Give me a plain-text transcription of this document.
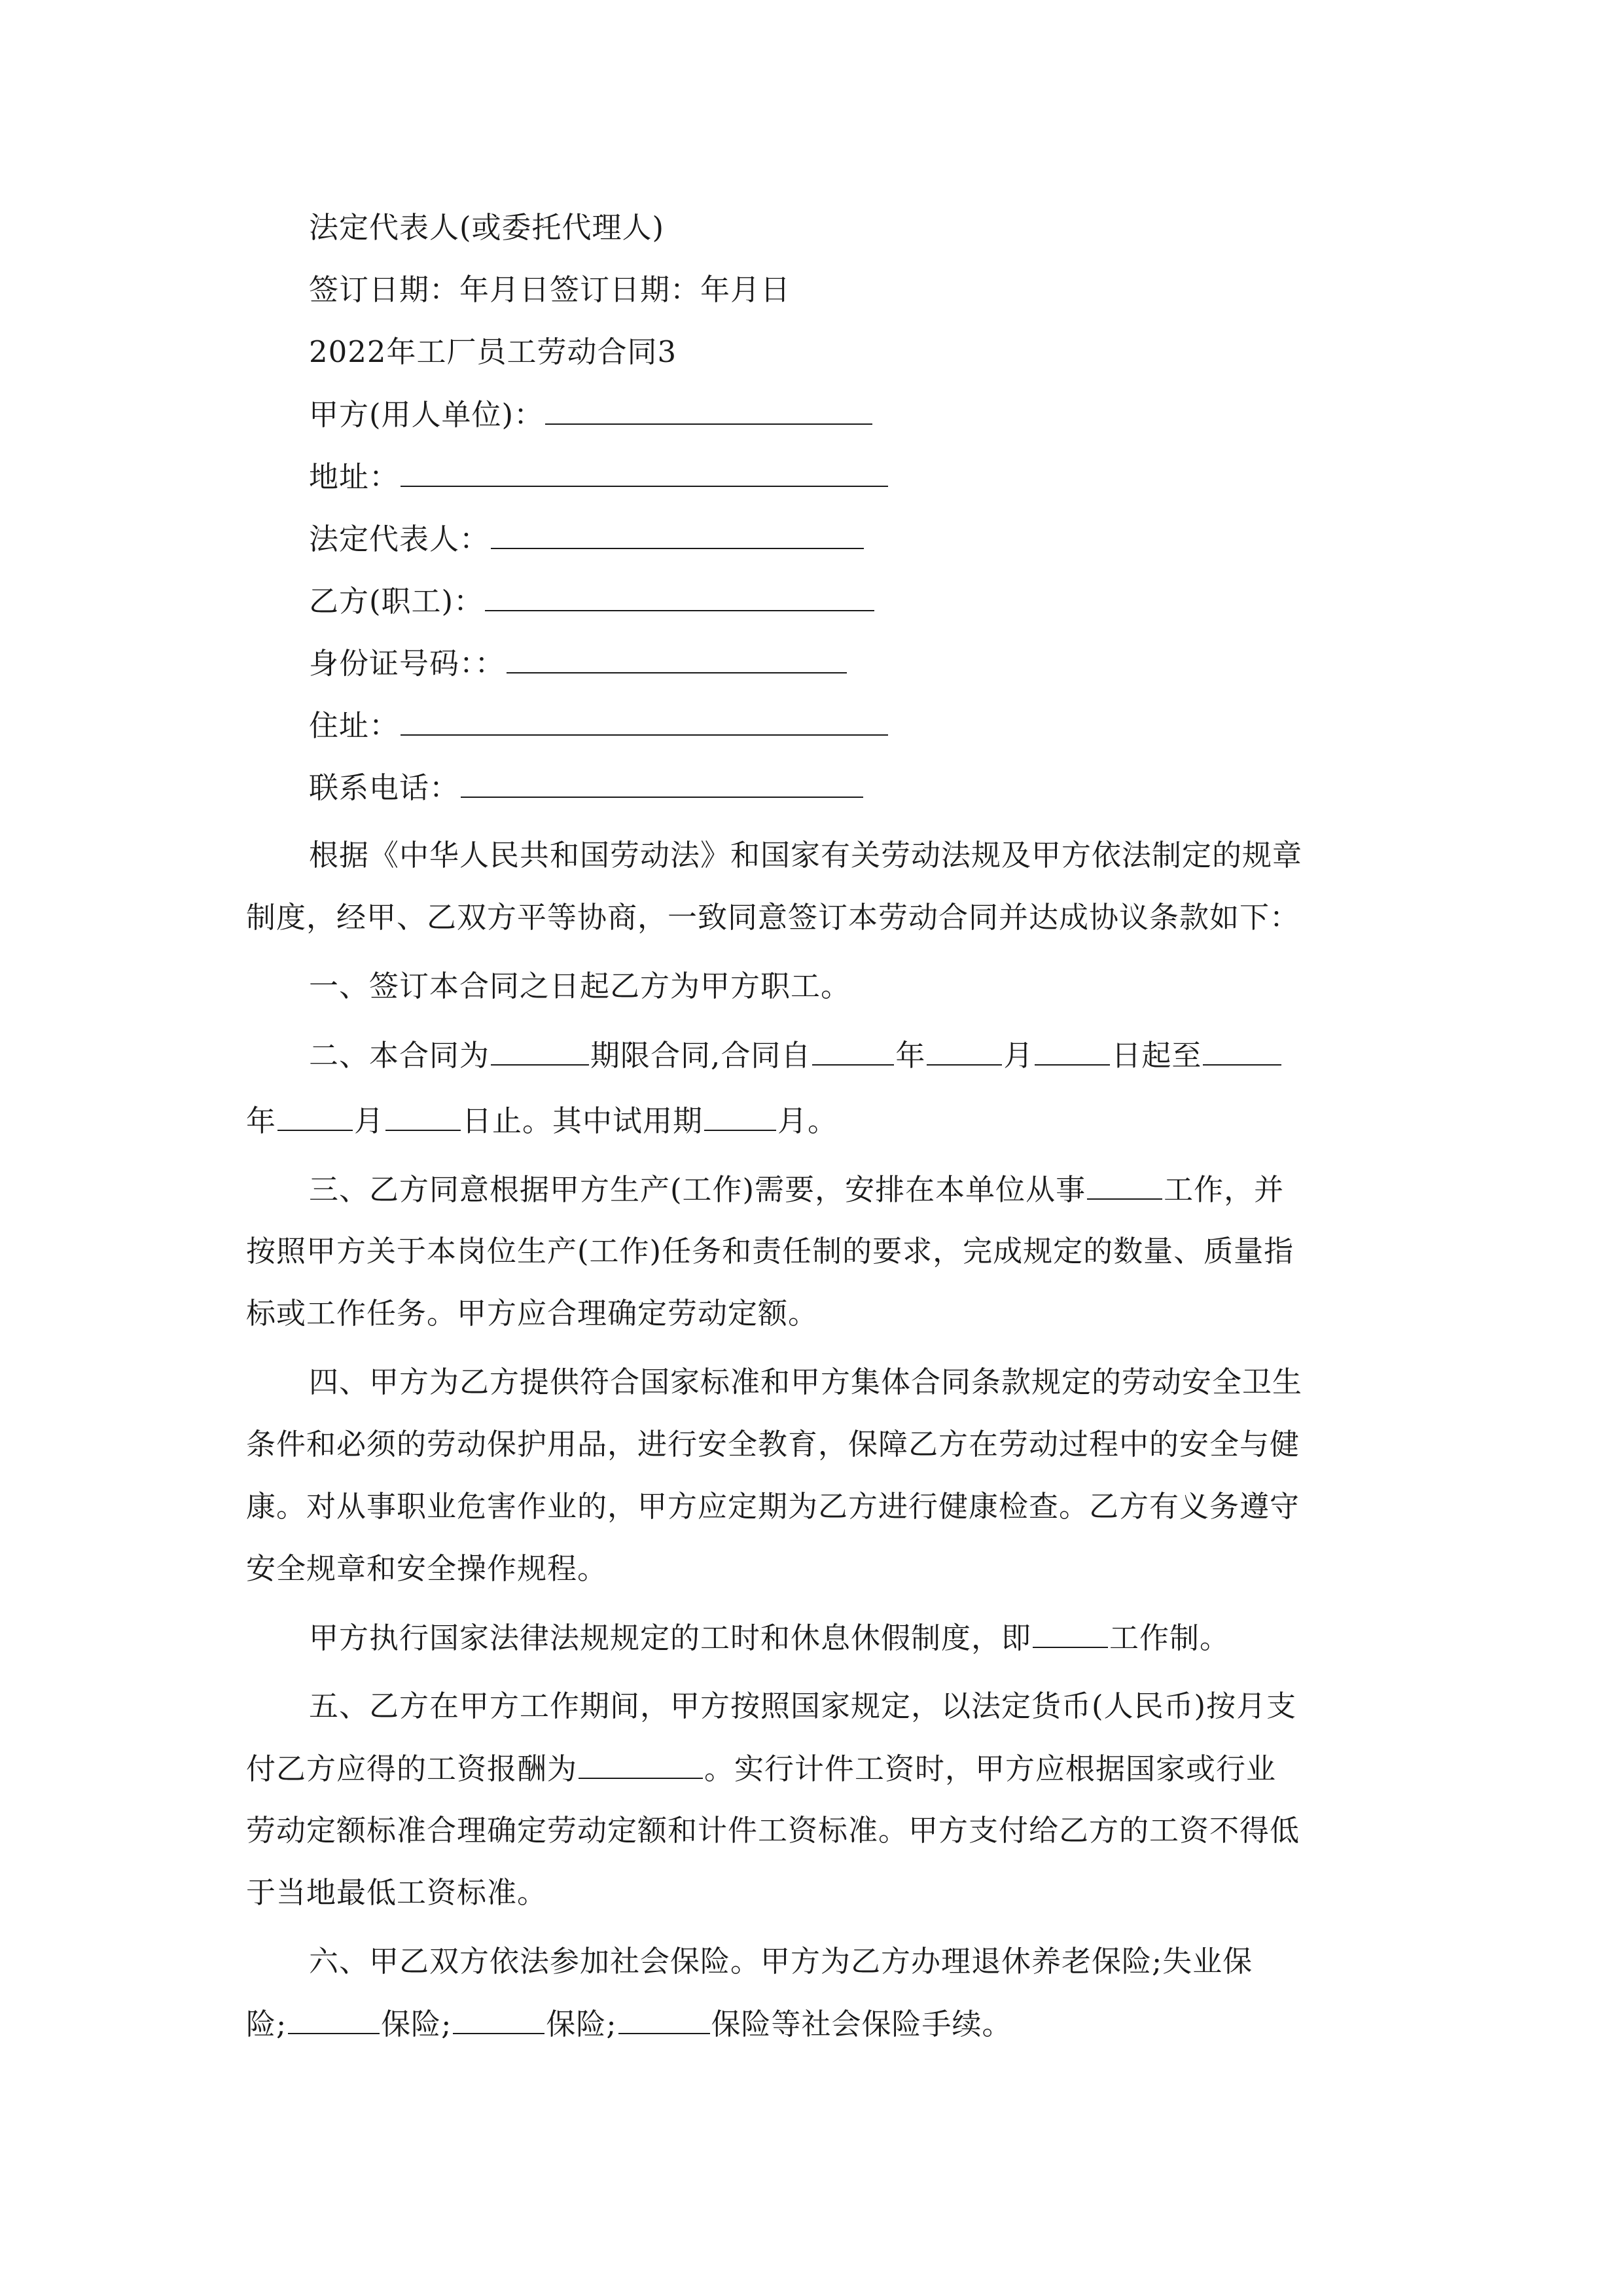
法定代表人(或委托代理人)
签订日期：年月日签订日期：年月日
2022年工厂员工劳动合同3
甲方(用人单位)：
地址：
法定代表人：
乙方(职工)：
身份证号码：：
住址：
联系电话：
根据《中华人民共和国劳动法》和国家有关劳动法规及甲方依法制定的规章
制度，经甲、乙双方平等协商，一致同意签订本劳动合同并达成协议条款如下：
一、签订本合同之日起乙方为甲方职工。
二、本合同为	期限合同,合同自	年	月	日起至
年	月	日止。其中试用期	月。
三、乙方同意根据甲方生产(工作)需要，安排在本单位从事	工作，并
按照甲方关于本岗位生产(工作)任务和责任制的要求，完成规定的数量、质量指
标或工作任务。甲方应合理确定劳动定额。
四、甲方为乙方提供符合国家标准和甲方集体合同条款规定的劳动安全卫生
条件和必须的劳动保护用品，进行安全教育，保障乙方在劳动过程中的安全与健
康。对从事职业危害作业的，甲方应定期为乙方进行健康检查。乙方有义务遵守
安全规章和安全操作规程。
甲方执行国家法律法规规定的工时和休息休假制度，即	工作制。
五、乙方在甲方工作期间，甲方按照国家规定，以法定货币(人民币)按月支
付乙方应得的工资报酬为	。实行计件工资时，甲方应根据国家或行业
劳动定额标准合理确定劳动定额和计件工资标准。甲方支付给乙方的工资不得低
于当地最低工资标准。
六、甲乙双方依法参加社会保险。甲方为乙方办理退休养老保险;失业保
险;	保险;	保险;	保险等社会保险手续。
